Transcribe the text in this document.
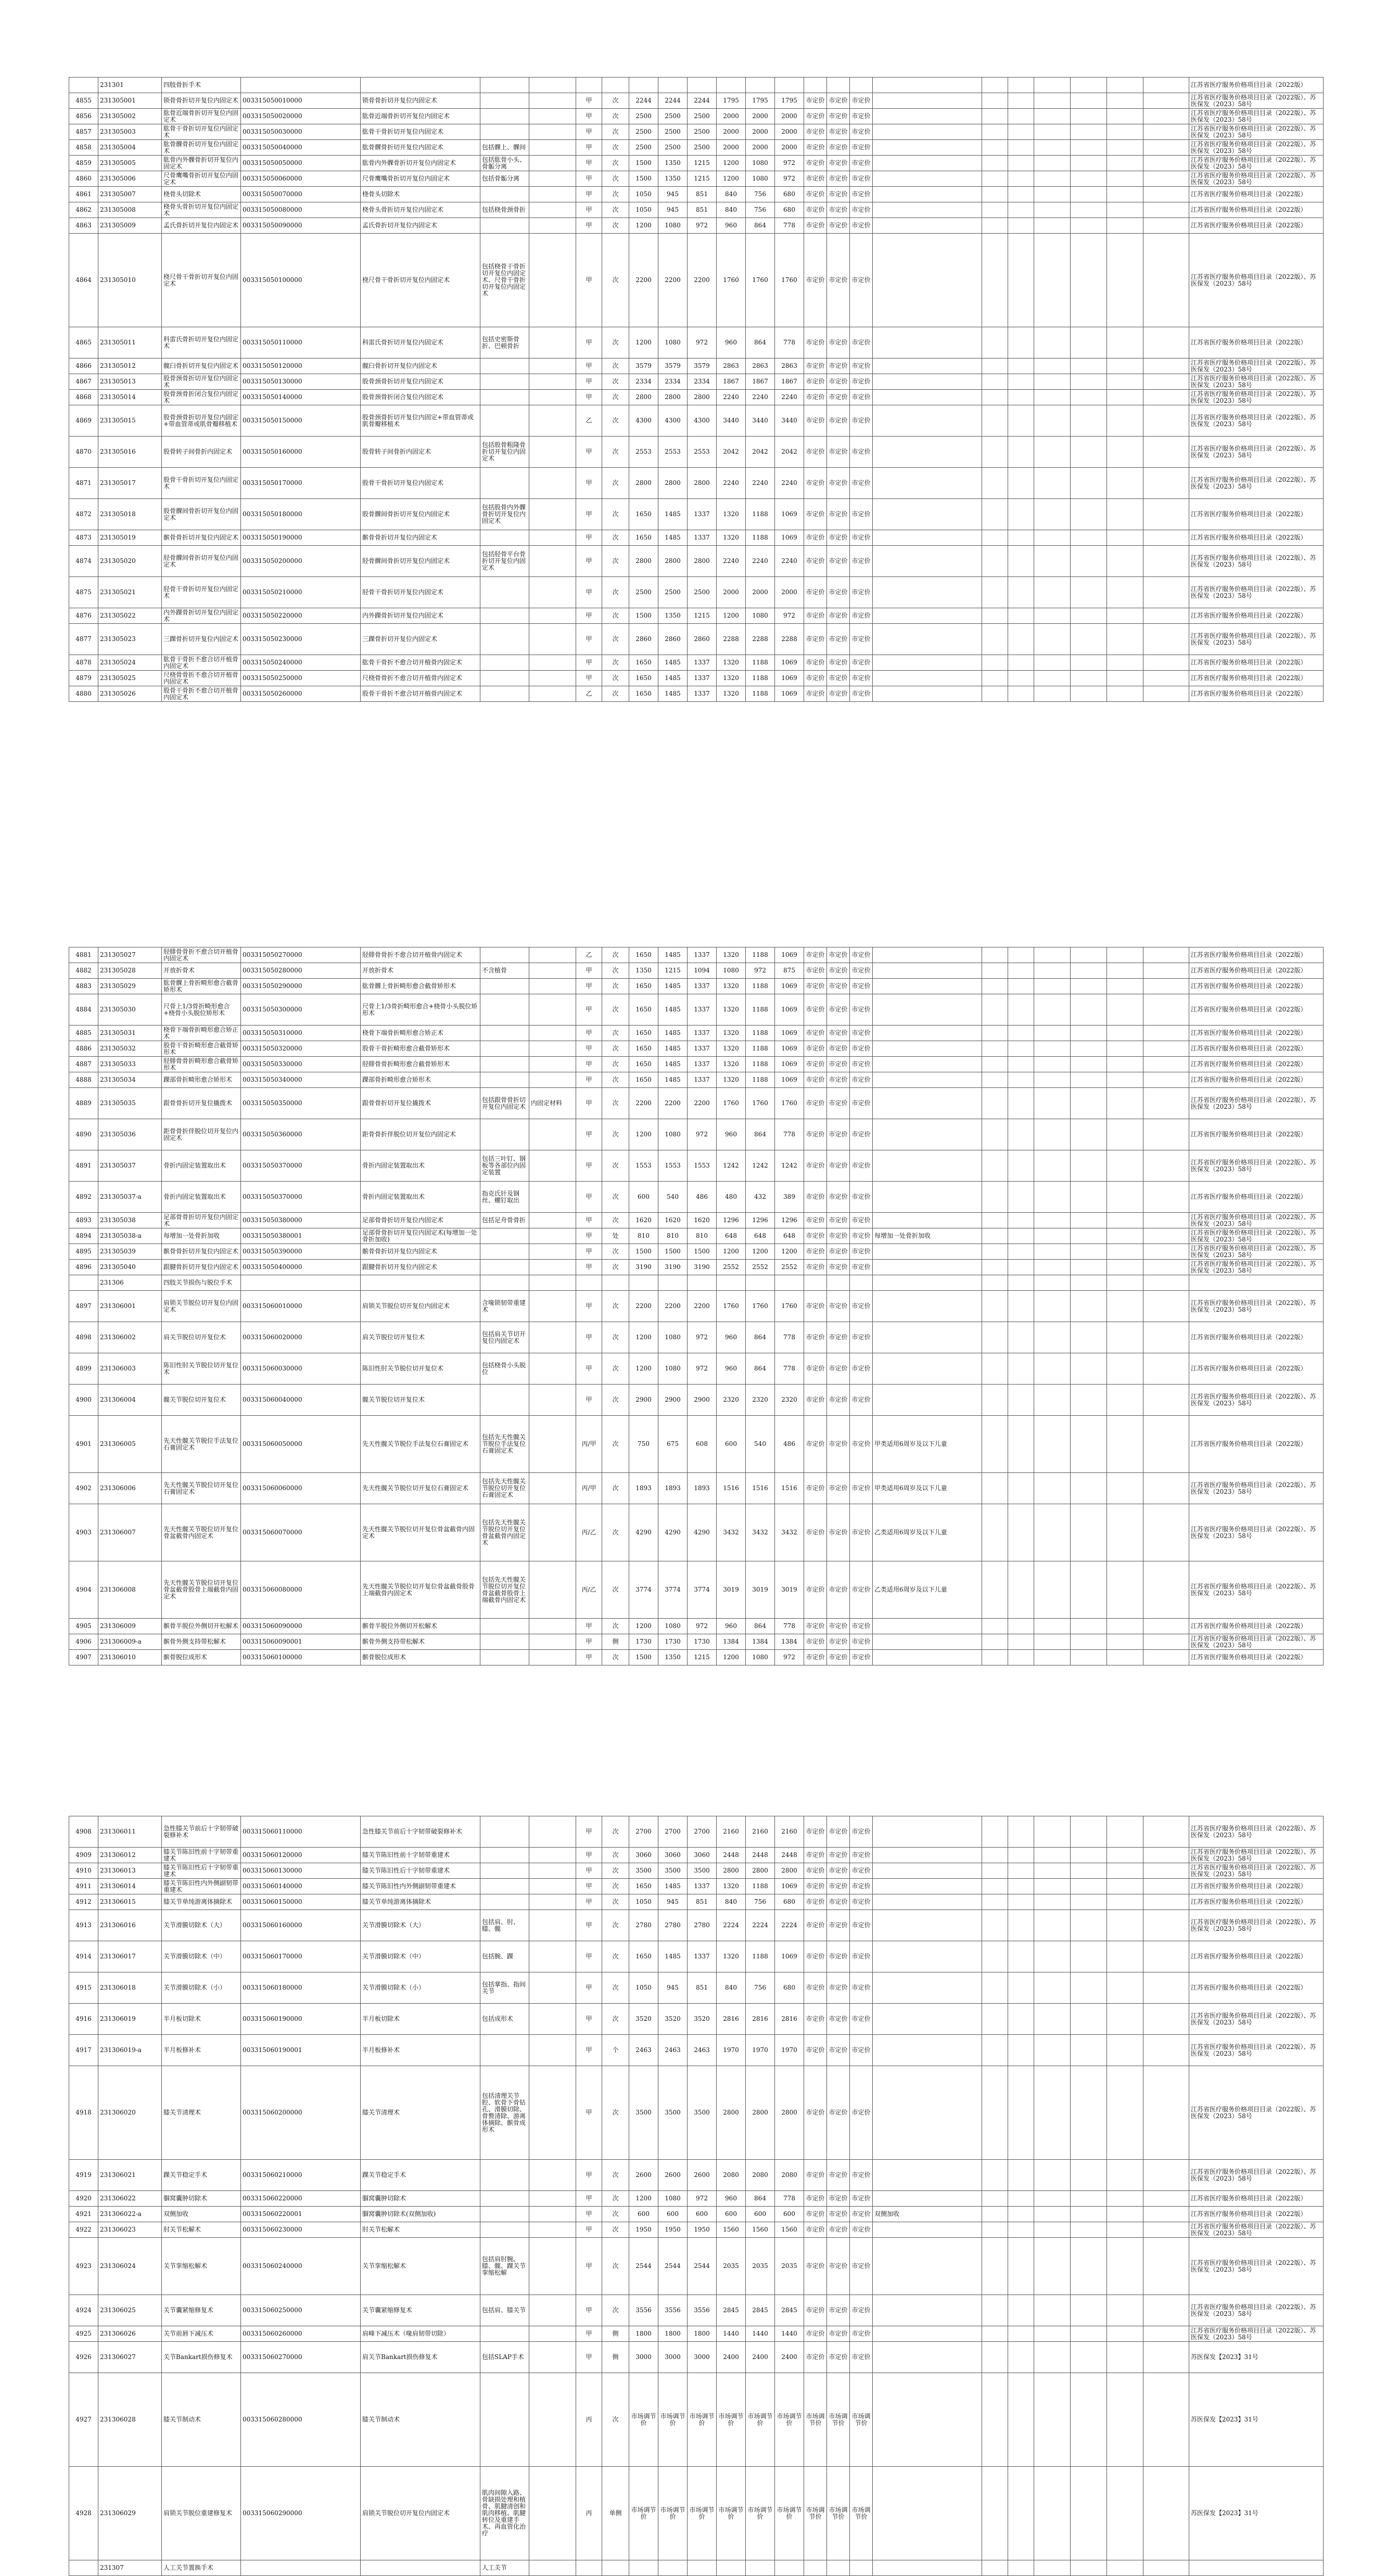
	231301	四肢骨折手术																							江苏省医疗服务价格项目目录（2022版）
4855	231305001	锁骨骨折切开复位内固定术	003315050010000	锁骨骨折切开复位内固定术			甲	次	2244	2244	2244	1795	1795	1795	市定价	市定价	市定价								江苏省医疗服务价格项目目录（2022版）、苏医保发（2023）58号
4856	231305002	肱骨近端骨折切开复位内固定术	003315050020000	肱骨近端骨折切开复位内固定术			甲	次	2500	2500	2500	2000	2000	2000	市定价	市定价	市定价								江苏省医疗服务价格项目目录（2022版）、苏医保发（2023）58号
4857	231305003	肱骨干骨折切开复位内固定术	003315050030000	肱骨干骨折切开复位内固定术			甲	次	2500	2500	2500	2000	2000	2000	市定价	市定价	市定价								江苏省医疗服务价格项目目录（2022版）、苏医保发（2023）58号
4858	231305004	肱骨髁骨折切开复位内固定术	003315050040000	肱骨髁骨折切开复位内固定术	包括髁上、髁间		甲	次	2500	2500	2500	2000	2000	2000	市定价	市定价	市定价								江苏省医疗服务价格项目目录（2022版）、苏医保发（2023）58号
4859	231305005	肱骨内外髁骨折切开复位内固定术	003315050050000	肱骨内外髁骨折切开复位内固定术	包括肱骨小头、骨骺分离		甲	次	1500	1350	1215	1200	1080	972	市定价	市定价	市定价								江苏省医疗服务价格项目目录（2022版）、苏医保发（2023）58号
4860	231305006	尺骨鹰嘴骨折切开复位内固定术	003315050060000	尺骨鹰嘴骨折切开复位内固定术	包括骨骺分离		甲	次	1500	1350	1215	1200	1080	972	市定价	市定价	市定价								江苏省医疗服务价格项目目录（2022版）、苏医保发（2023）58号
4861	231305007	桡骨头切除术	003315050070000	桡骨头切除术			甲	次	1050	945	851	840	756	680	市定价	市定价	市定价								江苏省医疗服务价格项目目录（2022版）
4862	231305008	桡骨头骨折切开复位内固定术	003315050080000	桡骨头骨折切开复位内固定术	包括桡骨颈骨折		甲	次	1050	945	851	840	756	680	市定价	市定价	市定价								江苏省医疗服务价格项目目录（2022版）
4863	231305009	孟氏骨折切开复位内固定术	003315050090000	孟氏骨折切开复位内固定术			甲	次	1200	1080	972	960	864	778	市定价	市定价	市定价								江苏省医疗服务价格项目目录（2022版）
4864	231305010	桡尺骨干骨折切开复位内固定术	003315050100000	桡尺骨干骨折切开复位内固定术	包括桡骨干骨折切开复位内固定术、尺骨干骨折切开复位内固定术		甲	次	2200	2200	2200	1760	1760	1760	市定价	市定价	市定价								江苏省医疗服务价格项目目录（2022版）、苏医保发（2023）58号
4865	231305011	科雷氏骨折切开复位内固定术	003315050110000	科雷氏骨折切开复位内固定术	包括史密斯骨折、巴顿骨折		甲	次	1200	1080	972	960	864	778	市定价	市定价	市定价								江苏省医疗服务价格项目目录（2022版）
4866	231305012	髋臼骨折切开复位内固定术	003315050120000	髋臼骨折切开复位内固定术			甲	次	3579	3579	3579	2863	2863	2863	市定价	市定价	市定价								江苏省医疗服务价格项目目录（2022版）、苏医保发（2023）58号
4867	231305013	股骨颈骨折切开复位内固定术	003315050130000	股骨颈骨折切开复位内固定术			甲	次	2334	2334	2334	1867	1867	1867	市定价	市定价	市定价								江苏省医疗服务价格项目目录（2022版）、苏医保发（2023）58号
4868	231305014	股骨颈骨折闭合复位内固定术	003315050140000	股骨颈骨折闭合复位内固定术			甲	次	2800	2800	2800	2240	2240	2240	市定价	市定价	市定价								江苏省医疗服务价格项目目录（2022版）、苏医保发（2023）58号
4869	231305015	股骨颈骨折切开复位内固定+带血管蒂或肌骨瓣移植术	003315050150000	股骨颈骨折切开复位内固定+带血管蒂或肌骨瓣移植术			乙	次	4300	4300	4300	3440	3440	3440	市定价	市定价	市定价								江苏省医疗服务价格项目目录（2022版）、苏医保发（2023）58号
4870	231305016	股骨转子间骨折内固定术	003315050160000	股骨转子间骨折内固定术	包括股骨粗隆骨折切开复位内固定术		甲	次	2553	2553	2553	2042	2042	2042	市定价	市定价	市定价								江苏省医疗服务价格项目目录（2022版）、苏医保发（2023）58号
4871	231305017	股骨干骨折切开复位内固定术	003315050170000	股骨干骨折切开复位内固定术			甲	次	2800	2800	2800	2240	2240	2240	市定价	市定价	市定价								江苏省医疗服务价格项目目录（2022版）、苏医保发（2023）58号
4872	231305018	股骨髁间骨折切开复位内固定术	003315050180000	股骨髁间骨折切开复位内固定术	包括股骨内外髁骨折切开复位内固定术		甲	次	1650	1485	1337	1320	1188	1069	市定价	市定价	市定价								江苏省医疗服务价格项目目录（2022版）
4873	231305019	髌骨骨折切开复位内固定术	003315050190000	髌骨骨折切开复位内固定术			甲	次	1650	1485	1337	1320	1188	1069	市定价	市定价	市定价								江苏省医疗服务价格项目目录（2022版）
4874	231305020	胫骨髁间骨折切开复位内固定术	003315050200000	胫骨髁间骨折切开复位内固定术	包括胫骨平台骨折切开复位内固定术		甲	次	2800	2800	2800	2240	2240	2240	市定价	市定价	市定价								江苏省医疗服务价格项目目录（2022版）、苏医保发（2023）58号
4875	231305021	胫骨干骨折切开复位内固定术	003315050210000	胫骨干骨折切开复位内固定术			甲	次	2500	2500	2500	2000	2000	2000	市定价	市定价	市定价								江苏省医疗服务价格项目目录（2022版）、苏医保发（2023）58号
4876	231305022	内外踝骨折切开复位内固定术	003315050220000	内外踝骨折切开复位内固定术			甲	次	1500	1350	1215	1200	1080	972	市定价	市定价	市定价								江苏省医疗服务价格项目目录（2022版）
4877	231305023	三踝骨折切开复位内固定术	003315050230000	三踝骨折切开复位内固定术			甲	次	2860	2860	2860	2288	2288	2288	市定价	市定价	市定价								江苏省医疗服务价格项目目录（2022版）、苏医保发（2023）58号
4878	231305024	肱骨干骨折不愈合切开植骨内固定术	003315050240000	肱骨干骨折不愈合切开植骨内固定术			甲	次	1650	1485	1337	1320	1188	1069	市定价	市定价	市定价								江苏省医疗服务价格项目目录（2022版）
4879	231305025	尺桡骨骨折不愈合切开植骨内固定术	003315050250000	尺桡骨骨折不愈合切开植骨内固定术			甲	次	1650	1485	1337	1320	1188	1069	市定价	市定价	市定价								江苏省医疗服务价格项目目录（2022版）
4880	231305026	股骨干骨折不愈合切开植骨内固定术	003315050260000	股骨干骨折不愈合切开植骨内固定术			乙	次	1650	1485	1337	1320	1188	1069	市定价	市定价	市定价								江苏省医疗服务价格项目目录（2022版）
4881	231305027	胫腓骨骨折不愈合切开植骨内固定术	003315050270000	胫腓骨骨折不愈合切开植骨内固定术			乙	次	1650	1485	1337	1320	1188	1069	市定价	市定价	市定价								江苏省医疗服务价格项目目录（2022版）
4882	231305028	开放折骨术	003315050280000	开放折骨术	不含植骨		甲	次	1350	1215	1094	1080	972	875	市定价	市定价	市定价								江苏省医疗服务价格项目目录（2022版）
4883	231305029	肱骨髁上骨折畸形愈合截骨矫形术	003315050290000	肱骨髁上骨折畸形愈合截骨矫形术			甲	次	1650	1485	1337	1320	1188	1069	市定价	市定价	市定价								江苏省医疗服务价格项目目录（2022版）
4884	231305030	尺骨上1/3骨折畸形愈合+桡骨小头脱位矫形术	003315050300000	尺骨上1/3骨折畸形愈合+桡骨小头脱位矫形术			甲	次	1650	1485	1337	1320	1188	1069	市定价	市定价	市定价								江苏省医疗服务价格项目目录（2022版）
4885	231305031	桡骨下端骨折畸形愈合矫正术	003315050310000	桡骨下端骨折畸形愈合矫正术			甲	次	1650	1485	1337	1320	1188	1069	市定价	市定价	市定价								江苏省医疗服务价格项目目录（2022版）
4886	231305032	股骨干骨折畸形愈合截骨矫形术	003315050320000	股骨干骨折畸形愈合截骨矫形术			甲	次	1650	1485	1337	1320	1188	1069	市定价	市定价	市定价								江苏省医疗服务价格项目目录（2022版）
4887	231305033	胫腓骨骨折畸形愈合截骨矫形术	003315050330000	胫腓骨骨折畸形愈合截骨矫形术			甲	次	1650	1485	1337	1320	1188	1069	市定价	市定价	市定价								江苏省医疗服务价格项目目录（2022版）
4888	231305034	踝部骨折畸形愈合矫形术	003315050340000	踝部骨折畸形愈合矫形术			甲	次	1650	1485	1337	1320	1188	1069	市定价	市定价	市定价								江苏省医疗服务价格项目目录（2022版）
4889	231305035	跟骨骨折切开复位撬拨术	003315050350000	跟骨骨折切开复位撬拨术	包括跟骨骨折切开复位内固定术	内固定材料	甲	次	2200	2200	2200	1760	1760	1760	市定价	市定价	市定价								江苏省医疗服务价格项目目录（2022版）、苏医保发（2023）58号
4890	231305036	距骨骨折伴脱位切开复位内固定术	003315050360000	距骨骨折伴脱位切开复位内固定术			甲	次	1200	1080	972	960	864	778	市定价	市定价	市定价								江苏省医疗服务价格项目目录（2022版）
4891	231305037	骨折内固定装置取出术	003315050370000	骨折内固定装置取出术	包括三叶钉、钢板等各部位内固定装置		甲	次	1553	1553	1553	1242	1242	1242	市定价	市定价	市定价								江苏省医疗服务价格项目目录（2022版）、苏医保发（2023）58号
4892	231305037-a	骨折内固定装置取出术	003315050370000	骨折内固定装置取出术	指克氏针及钢丝、螺钉取出		甲	次	600	540	486	480	432	389	市定价	市定价	市定价								江苏省医疗服务价格项目目录（2022版）
4893	231305038	足部骨骨折切开复位内固定术	003315050380000	足部骨骨折切开复位内固定术	包括足舟骨骨折		甲	次	1620	1620	1620	1296	1296	1296	市定价	市定价	市定价								江苏省医疗服务价格项目目录（2022版）、苏医保发（2023）58号
4894	231305038-a	每增加一处骨折加收	003315050380001	足部骨骨折切开复位内固定术(每增加一处骨折加收)			甲	处	810	810	810	648	648	648	市定价	市定价	市定价	每增加一处骨折加收							江苏省医疗服务价格项目目录（2022版）、苏医保发（2023）58号
4895	231305039	髌骨骨折切开复位内固定术	003315050390000	髌骨骨折切开复位内固定术			甲	次	1500	1500	1500	1200	1200	1200	市定价	市定价	市定价								江苏省医疗服务价格项目目录（2022版）、苏医保发（2023）58号
4896	231305040	跟腱骨折切开复位内固定术	003315050400000	跟腱骨折切开复位内固定术			甲	次	3190	3190	3190	2552	2552	2552	市定价	市定价	市定价								江苏省医疗服务价格项目目录（2022版）、苏医保发（2023）58号
	231306	四肢关节损伤与脱位手术																							
4897	231306001	肩锁关节脱位切开复位内固定术	003315060010000	肩锁关节脱位切开复位内固定术	含喙锁韧带重建术		甲	次	2200	2200	2200	1760	1760	1760	市定价	市定价	市定价								江苏省医疗服务价格项目目录（2022版）、苏医保发（2023）58号
4898	231306002	肩关节脱位切开复位术	003315060020000	肩关节脱位切开复位术	包括肩关节切开复位内固定术		甲	次	1200	1080	972	960	864	778	市定价	市定价	市定价								江苏省医疗服务价格项目目录（2022版）
4899	231306003	陈旧性肘关节脱位切开复位术	003315060030000	陈旧性肘关节脱位切开复位术	包括桡骨小头脱位		甲	次	1200	1080	972	960	864	778	市定价	市定价	市定价								江苏省医疗服务价格项目目录（2022版）
4900	231306004	髋关节脱位切开复位术	003315060040000	髋关节脱位切开复位术			甲	次	2900	2900	2900	2320	2320	2320	市定价	市定价	市定价								江苏省医疗服务价格项目目录（2022版）、苏医保发（2023）58号
4901	231306005	先天性髋关节脱位手法复位石膏固定术	003315060050000	先天性髋关节脱位手法复位石膏固定术	包括先天性髋关节脱位手法复位石膏固定术		丙/甲	次	750	675	608	600	540	486	市定价	市定价	市定价	甲类适用6周岁及以下儿童							江苏省医疗服务价格项目目录（2022版）
4902	231306006	先天性髋关节脱位切开复位石膏固定术	003315060060000	先天性髋关节脱位切开复位石膏固定术	包括先天性髋关节脱位切开复位石膏固定术		丙/甲	次	1893	1893	1893	1516	1516	1516	市定价	市定价	市定价	甲类适用6周岁及以下儿童							江苏省医疗服务价格项目目录（2022版）、苏医保发（2023）58号
4903	231306007	先天性髋关节脱位切开复位骨盆截骨内固定术	003315060070000	先天性髋关节脱位切开复位骨盆截骨内固定术	包括先天性髋关节脱位切开复位骨盆截骨内固定术		丙/乙	次	4290	4290	4290	3432	3432	3432	市定价	市定价	市定价	乙类适用6周岁及以下儿童							江苏省医疗服务价格项目目录（2022版）、苏医保发（2023）58号
4904	231306008	先天性髋关节脱位切开复位骨盆截骨股骨上端截骨内固定术	003315060080000	先天性髋关节脱位切开复位骨盆截骨股骨上端截骨内固定术	包括先天性髋关节脱位切开复位骨盆截骨股骨上端截骨内固定术		丙/乙	次	3774	3774	3774	3019	3019	3019	市定价	市定价	市定价	乙类适用6周岁及以下儿童							江苏省医疗服务价格项目目录（2022版）、苏医保发（2023）58号
4905	231306009	髌骨半脱位外侧切开松解术	003315060090000	髌骨半脱位外侧切开松解术			甲	次	1200	1080	972	960	864	778	市定价	市定价	市定价								江苏省医疗服务价格项目目录（2022版）
4906	231306009-a	髌骨外侧支持带松解术	003315060090001	髌骨外侧支持带松解术			甲	侧	1730	1730	1730	1384	1384	1384	市定价	市定价	市定价								江苏省医疗服务价格项目目录（2022版）、苏医保发（2023）58号
4907	231306010	髌骨脱位成形术	003315060100000	髌骨脱位成形术			甲	次	1500	1350	1215	1200	1080	972	市定价	市定价	市定价								江苏省医疗服务价格项目目录（2022版）
4908	231306011	急性膝关节前后十字韧带破裂修补术	003315060110000	急性膝关节前后十字韧带破裂修补术			甲	次	2700	2700	2700	2160	2160	2160	市定价	市定价	市定价								江苏省医疗服务价格项目目录（2022版）、苏医保发（2023）58号
4909	231306012	膝关节陈旧性前十字韧带重建术	003315060120000	膝关节陈旧性前十字韧带重建术			甲	次	3060	3060	3060	2448	2448	2448	市定价	市定价	市定价								江苏省医疗服务价格项目目录（2022版）、苏医保发（2023）58号
4910	231306013	膝关节陈旧性后十字韧带重建术	003315060130000	膝关节陈旧性后十字韧带重建术			甲	次	3500	3500	3500	2800	2800	2800	市定价	市定价	市定价								江苏省医疗服务价格项目目录（2022版）、苏医保发（2023）58号
4911	231306014	膝关节陈旧性内外侧副韧带重建术	003315060140000	膝关节陈旧性内外侧副韧带重建术			甲	次	1650	1485	1337	1320	1188	1069	市定价	市定价	市定价								江苏省医疗服务价格项目目录（2022版）
4912	231306015	膝关节单纯游离体摘除术	003315060150000	膝关节单纯游离体摘除术			甲	次	1050	945	851	840	756	680	市定价	市定价	市定价								江苏省医疗服务价格项目目录（2022版）
4913	231306016	关节滑膜切除术（大）	003315060160000	关节滑膜切除术（大）	包括肩、肘、膝、髋		甲	次	2780	2780	2780	2224	2224	2224	市定价	市定价	市定价								江苏省医疗服务价格项目目录（2022版）、苏医保发（2023）58号
4914	231306017	关节滑膜切除术（中）	003315060170000	关节滑膜切除术（中）	包括腕、踝		甲	次	1650	1485	1337	1320	1188	1069	市定价	市定价	市定价								江苏省医疗服务价格项目目录（2022版）
4915	231306018	关节滑膜切除术（小）	003315060180000	关节滑膜切除术（小）	包括掌指、指间关节		甲	次	1050	945	851	840	756	680	市定价	市定价	市定价								江苏省医疗服务价格项目目录（2022版）
4916	231306019	半月板切除术	003315060190000	半月板切除术	包括成形术		甲	次	3520	3520	3520	2816	2816	2816	市定价	市定价	市定价								江苏省医疗服务价格项目目录（2022版）、苏医保发（2023）58号
4917	231306019-a	半月板修补术	003315060190001	半月板修补术			甲	个	2463	2463	2463	1970	1970	1970	市定价	市定价	市定价								江苏省医疗服务价格项目目录（2022版）、苏医保发（2023）58号
4918	231306020	膝关节清理术	003315060200000	膝关节清理术	包括清理关节腔、软骨下骨钻孔、滑膜切除、骨赘清除、游离体摘除、髌骨成形术		甲	次	3500	3500	3500	2800	2800	2800	市定价	市定价	市定价								江苏省医疗服务价格项目目录（2022版）、苏医保发（2023）58号
4919	231306021	踝关节稳定手术	003315060210000	踝关节稳定手术			甲	次	2600	2600	2600	2080	2080	2080	市定价	市定价	市定价								江苏省医疗服务价格项目目录（2022版）、苏医保发（2023）58号
4920	231306022	腘窝囊肿切除术	003315060220000	腘窝囊肿切除术			甲	次	1200	1080	972	960	864	778	市定价	市定价	市定价								江苏省医疗服务价格项目目录（2022版）
4921	231306022-a	双侧加收	003315060220001	腘窝囊肿切除术(双侧加收)			甲	次	600	600	600	600	600	600	市定价	市定价	市定价	双侧加收							江苏省医疗服务价格项目目录（2022版）
4922	231306023	肘关节松解术	003315060230000	肘关节松解术			甲	次	1950	1950	1950	1560	1560	1560	市定价	市定价	市定价								江苏省医疗服务价格项目目录（2022版）、苏医保发（2023）58号
4923	231306024	关节挛缩松解术	003315060240000	关节挛缩松解术	包括肩肘腕、膝、髋、踝关节挛缩松解		甲	次	2544	2544	2544	2035	2035	2035	市定价	市定价	市定价								江苏省医疗服务价格项目目录（2022版）、苏医保发（2023）58号
4924	231306025	关节囊紧缩修复术	003315060250000	关节囊紧缩修复术	包括肩、膝关节		甲	次	3556	3556	3556	2845	2845	2845	市定价	市定价	市定价								江苏省医疗服务价格项目目录（2022版）、苏医保发（2023）58号
4925	231306026	关节前唇下减压术	003315060260000	肩峰下减压术（喙肩韧带切除）			甲	侧	1800	1800	1800	1440	1440	1440	市定价	市定价	市定价								江苏省医疗服务价格项目目录（2022版）、苏医保发（2023）58号
4926	231306027	关节Bankart损伤修复术	003315060270000	肩关节Bankart损伤修复术	包括SLAP手术		甲	侧	3000	3000	3000	2400	2400	2400	市定价	市定价	市定价								苏医保发【2023】31号
4927	231306028	膝关节制动术	003315060280000	膝关节制动术			丙	次	市场调节价	市场调节价	市场调节价	市场调节价	市场调节价	市场调节价	市场调节价	市场调节价	市场调节价								苏医保发【2023】31号
4928	231306029	肩锁关节脱位重建修复术	003315060290000	肩锁关节脱位切开复位内固定术	肌肉间隙入路、骨缺损处理和植骨、肌腱清创和肌肉移植、肌腱转位及重建手术、再血管化治疗		丙	单侧	市场调节价	市场调节价	市场调节价	市场调节价	市场调节价	市场调节价	市场调节价	市场调节价	市场调节价								苏医保发【2023】31号
	231307	人工关节置换手术			人工关节																				
